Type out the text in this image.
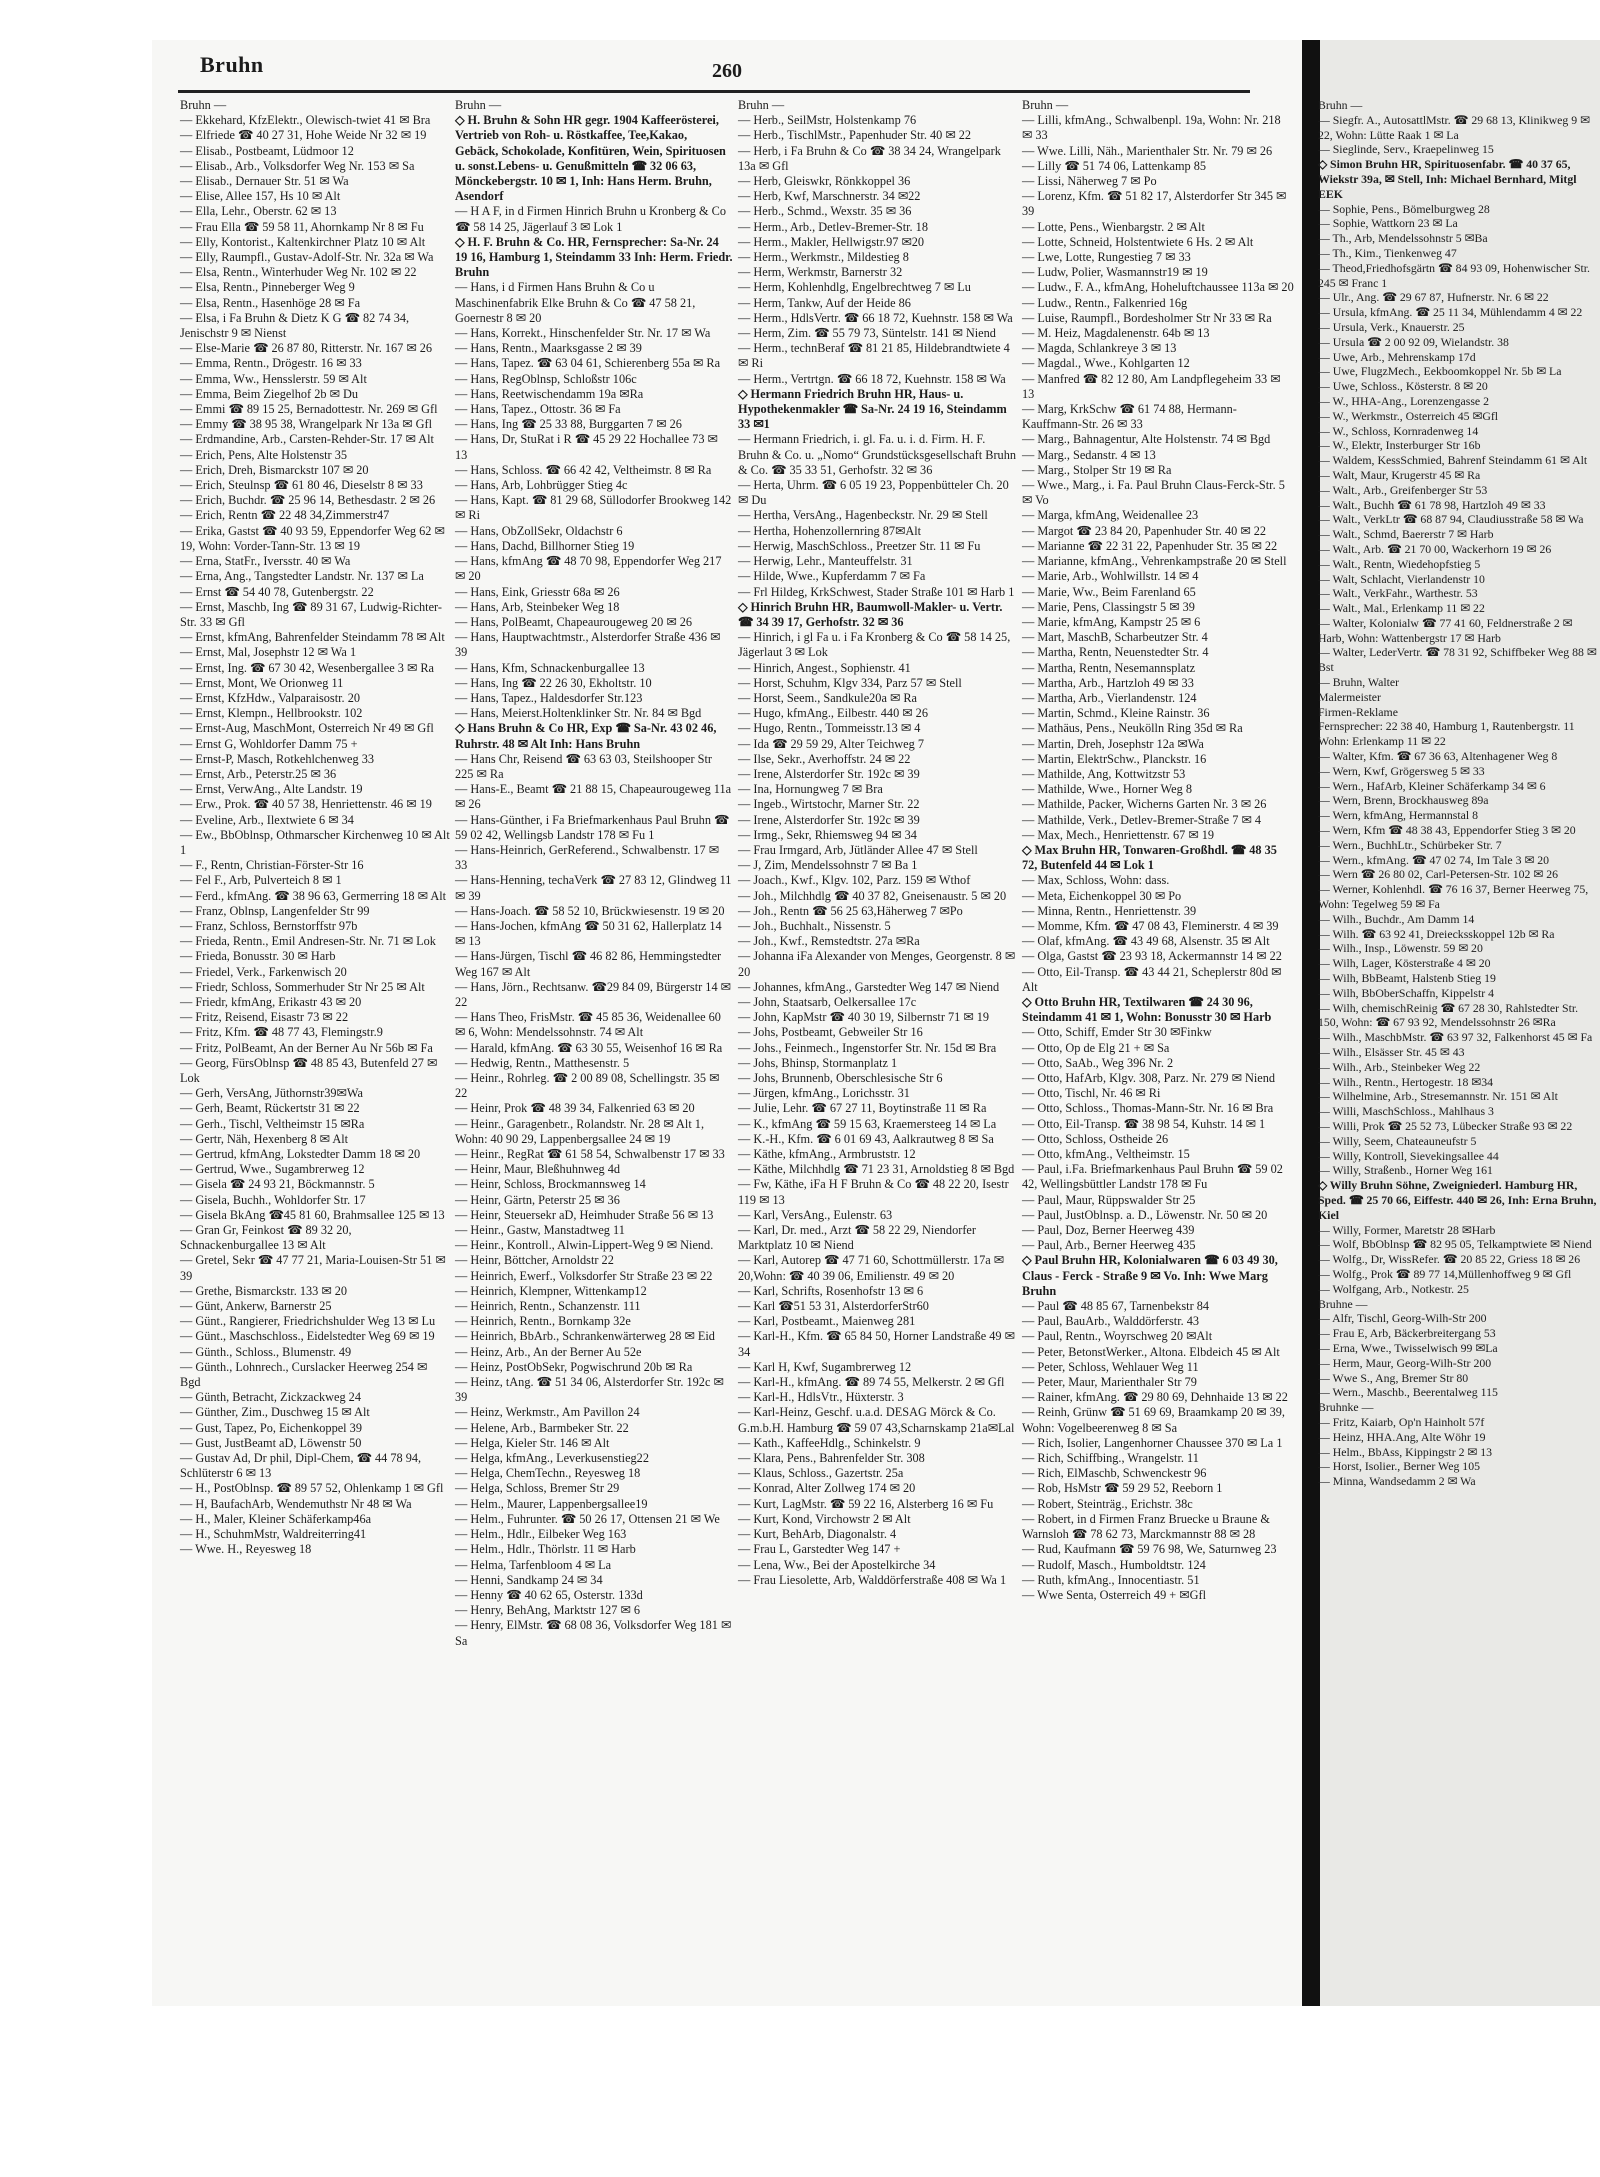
Bruhn	260

Bruhn —

— Ekkehard, KfzElektr., Olewisch-twiet 41 ✉ Bra

— Elfriede ☎ 40 27 31, Hohe Weide Nr 32 ✉ 19

— Elisab., Postbeamt, Lüdmoor 12

— Elisab., Arb., Volksdorfer Weg Nr. 153 ✉ Sa

— Elisab., Dernauer Str. 51 ✉ Wa

— Elise, Allee 157, Hs 10 ✉ Alt

— Ella, Lehr., Oberstr. 62 ✉ 13

— Frau Ella ☎ 59 58 11, Ahornkamp Nr 8 ✉ Fu

— Elly, Kontorist., Kaltenkirchner Platz 10 ✉ Alt

— Elly, Raumpfl., Gustav-Adolf-Str. Nr. 32a ✉ Wa

— Elsa, Rentn., Winterhuder Weg Nr. 102 ✉ 22

— Elsa, Rentn., Pinneberger Weg 9

— Elsa, Rentn., Hasenhöge 28 ✉ Fa

— Elsa, i Fa Bruhn & Dietz K G ☎ 82 74 34, Jenischstr 9 ✉ Nienst

— Else-Marie ☎ 26 87 80, Ritterstr. Nr. 167 ✉ 26

— Emma, Rentn., Drögestr. 16 ✉ 33

— Emma, Ww., Hensslerstr. 59 ✉ Alt

— Emma, Beim Ziegelhof 2b ✉ Du

— Emmi ☎ 89 15 25, Bernadottestr. Nr. 269 ✉ Gfl

— Emmy ☎ 38 95 38, Wrangelpark Nr 13a ✉ Gfl

— Erdmandine, Arb., Carsten-Rehder-Str. 17 ✉ Alt

— Erich, Pens, Alte Holstenstr 35

— Erich, Dreh, Bismarckstr 107 ✉ 20

— Erich, Steulnsp ☎ 61 80 46, Dieselstr 8 ✉ 33

— Erich, Buchdr. ☎ 25 96 14, Bethesdastr. 2 ✉ 26

— Erich, Rentn ☎ 22 48 34,Zimmerstr47

— Erika, Gastst ☎ 40 93 59, Eppendorfer Weg 62 ✉ 19, Wohn: Vorder-Tann-Str. 13 ✉ 19

— Erna, StatFr., Iversstr. 40 ✉ Wa

— Erna, Ang., Tangstedter Landstr. Nr. 137 ✉ La

— Ernst ☎ 54 40 78, Gutenbergstr. 22

— Ernst, Maschb, Ing ☎ 89 31 67, Ludwig-Richter-Str. 33 ✉ Gfl

— Ernst, kfmAng, Bahrenfelder Steindamm 78 ✉ Alt

— Ernst, Mal, Josephstr 12 ✉ Wa 1

— Ernst, Ing. ☎ 67 30 42, Wesenbergallee 3 ✉ Ra

— Ernst, Mont, We Orionweg 11

— Ernst, KfzHdw., Valparaisostr. 20

— Ernst, Klempn., Hellbrookstr. 102

— Ernst-Aug, MaschMont, Osterreich Nr 49 ✉ Gfl

— Ernst G, Wohldorfer Damm 75 +

— Ernst-P, Masch, Rotkehlchenweg 33

— Ernst, Arb., Peterstr.25 ✉ 36

— Ernst, VerwAng., Alte Landstr. 19

— Erw., Prok. ☎ 40 57 38, Henriettenstr. 46 ✉ 19

— Eveline, Arb., Ilextwiete 6 ✉ 34

— Ew., BbOblnsp, Othmarscher Kirchenweg 10 ✉ Alt 1

— F., Rentn, Christian-Förster-Str 16

— Fel F., Arb, Pulverteich 8 ✉ 1

— Ferd., kfmAng. ☎ 38 96 63, Germerring 18 ✉ Alt

— Franz, Oblnsp, Langenfelder Str 99

— Franz, Schloss, Bernstorffstr 97b

— Frieda, Rentn., Emil Andresen-Str. Nr. 71 ✉ Lok

— Frieda, Bonusstr. 30 ✉ Harb

— Friedel, Verk., Farkenwisch 20

— Friedr, Schloss, Sommerhuder Str Nr 25 ✉ Alt

— Friedr, kfmAng, Erikastr 43 ✉ 20

— Fritz, Reisend, Eisastr 73 ✉ 22

— Fritz, Kfm. ☎ 48 77 43, Flemingstr.9

— Fritz, PolBeamt, An der Berner Au Nr 56b ✉ Fa

— Georg, FürsOblnsp ☎ 48 85 43, Butenfeld 27 ✉ Lok

— Gerh, VersAng, Jüthornstr39✉Wa

— Gerh, Beamt, Rückertstr 31 ✉ 22

— Gerh., Tischl, Veltheimstr 15 ✉Ra

— Gertr, Näh, Hexenberg 8 ✉ Alt

— Gertrud, kfmAng, Lokstedter Damm 18 ✉ 20

— Gertrud, Wwe., Sugambrerweg 12

— Gisela ☎ 24 93 21, Böckmannstr. 5

— Gisela, Buchh., Wohldorfer Str. 17

— Gisela BkAng ☎45 81 60, Brahmsallee 125 ✉ 13

— Gran Gr, Feinkost ☎ 89 32 20, Schnackenburgallee 13 ✉ Alt

— Gretel, Sekr ☎ 47 77 21, Maria-Louisen-Str 51 ✉ 39

— Grethe, Bismarckstr. 133 ✉ 20

— Günt, Ankerw, Barnerstr 25

— Günt., Rangierer, Friedrichshulder Weg 13 ✉ Lu

— Günt., Maschschloss., Eidelstedter Weg 69 ✉ 19

— Günth., Schloss., Blumenstr. 49

— Günth., Lohnrech., Curslacker Heerweg 254 ✉ Bgd

— Günth, Betracht, Zickzackweg 24

— Günther, Zim., Duschweg 15 ✉ Alt

— Gust, Tapez, Po, Eichenkoppel 39

— Gust, JustBeamt aD, Löwenstr 50

— Gustav Ad, Dr phil, Dipl-Chem, ☎ 44 78 94, Schlüterstr 6 ✉ 13

— H., PostOblnsp. ☎ 89 57 52, Ohlenkamp 1 ✉ Gfl

— H, BaufachArb, Wendemuthstr Nr 48 ✉ Wa

— H., Maler, Kleiner Schäferkamp46a

— H., SchuhmMstr, Waldreiterring41

— Wwe. H., Reyesweg 18

Bruhn —

◇ H. Bruhn & Sohn HR gegr. 1904 Kaffeerösterei, Vertrieb von Roh- u. Röstkaffee, Tee,Kakao, Gebäck, Schokolade, Konfitüren, Wein, Spirituosen u. sonst.Lebens- u. Genußmitteln ☎ 32 06 63, Mönckebergstr. 10 ✉ 1, Inh: Hans Herm. Bruhn, Asendorf

— H A F, in d Firmen Hinrich Bruhn u Kronberg & Co ☎ 58 14 25, Jägerlauf 3 ✉ Lok 1

◇ H. F. Bruhn & Co. HR, Fernsprecher: Sa-Nr. 24 19 16, Hamburg 1, Steindamm 33 Inh: Herm. Friedr. Bruhn

— Hans, i d Firmen Hans Bruhn & Co u Maschinenfabrik Elke Bruhn & Co ☎ 47 58 21, Goernestr 8 ✉ 20

— Hans, Korrekt., Hinschenfelder Str. Nr. 17 ✉ Wa

— Hans, Rentn., Maarksgasse 2 ✉ 39

— Hans, Tapez. ☎ 63 04 61, Schierenberg 55a ✉ Ra

— Hans, RegOblnsp, Schloßstr 106c

— Hans, Reetwischendamm 19a ✉Ra

— Hans, Tapez., Ottostr. 36 ✉ Fa

— Hans, Ing ☎ 25 33 88, Burggarten 7 ✉ 26

— Hans, Dr, StuRat i R ☎ 45 29 22 Hochallee 73 ✉ 13

— Hans, Schloss. ☎ 66 42 42, Veltheimstr. 8 ✉ Ra

— Hans, Arb, Lohbrügger Stieg 4c

— Hans, Kapt. ☎ 81 29 68, Süllodorfer Brookweg 142 ✉ Ri

— Hans, ObZollSekr, Oldachstr 6

— Hans, Dachd, Billhorner Stieg 19

— Hans, kfmAng ☎ 48 70 98, Eppendorfer Weg 217 ✉ 20

— Hans, Eink, Griesstr 68a ✉ 26

— Hans, Arb, Steinbeker Weg 18

— Hans, PolBeamt, Chapeaurougeweg 20 ✉ 26

— Hans, Hauptwachtmstr., Alsterdorfer Straße 436 ✉ 39

— Hans, Kfm, Schnackenburgallee 13

— Hans, Ing ☎ 22 26 30, Ekholtstr. 10

— Hans, Tapez., Haldesdorfer Str.123

— Hans, Meierst.Holtenklinker Str. Nr. 84 ✉ Bgd

◇ Hans Bruhn & Co HR, Exp ☎ Sa-Nr. 43 02 46, Ruhrstr. 48 ✉ Alt Inh: Hans Bruhn

— Hans Chr, Reisend ☎ 63 63 03, Steilshooper Str 225 ✉ Ra

— Hans-E., Beamt ☎ 21 88 15, Chapeaurougeweg 11a ✉ 26

— Hans-Günther, i Fa Briefmarkenhaus Paul Bruhn ☎ 59 02 42, Wellingsb Landstr 178 ✉ Fu 1

— Hans-Heinrich, GerReferend., Schwalbenstr. 17 ✉ 33

— Hans-Henning, techaVerk ☎ 27 83 12, Glindweg 11 ✉ 39

— Hans-Joach. ☎ 58 52 10, Brückwiesenstr. 19 ✉ 20

— Hans-Jochen, kfmAng ☎ 50 31 62, Hallerplatz 14 ✉ 13

— Hans-Jürgen, Tischl ☎ 46 82 86, Hemmingstedter Weg 167 ✉ Alt

— Hans, Jörn., Rechtsanw. ☎29 84 09, Bürgerstr 14 ✉ 22

— Hans Theo, FrisMstr. ☎ 45 85 36, Weidenallee 60 ✉ 6, Wohn: Mendelssohnstr. 74 ✉ Alt

— Harald, kfmAng. ☎ 63 30 55, Weisenhof 16 ✉ Ra

— Hedwig, Rentn., Matthesenstr. 5

— Heinr., Rohrleg. ☎ 2 00 89 08, Schellingstr. 35 ✉ 22

— Heinr, Prok ☎ 48 39 34, Falkenried 63 ✉ 20

— Heinr., Garagenbetr., Rolandstr. Nr. 28 ✉ Alt 1, Wohn: 40 90 29, Lappenbergsallee 24 ✉ 19

— Heinr., RegRat ☎ 61 58 54, Schwalbenstr 17 ✉ 33

— Heinr, Maur, Bleßhuhnweg 4d

— Heinr, Schloss, Brockmannsweg 14

— Heinr, Gärtn, Peterstr 25 ✉ 36

— Heinr, Steuersekr aD, Heimhuder Straße 56 ✉ 13

— Heinr., Gastw, Manstadtweg 11

— Heinr., Kontroll., Alwin-Lippert-Weg 9 ✉ Niend.

— Heinr, Böttcher, Arnoldstr 22

— Heinrich, Ewerf., Volksdorfer Str Straße 23 ✉ 22

— Heinrich, Klempner, Wittenkamp12

— Heinrich, Rentn., Schanzenstr. 111

— Heinrich, Rentn., Bornkamp 32e

— Heinrich, BbArb., Schrankenwärterweg 28 ✉ Eid

— Heinz, Arb., An der Berner Au 52e

— Heinz, PostObSekr, Pogwischrund 20b ✉ Ra

— Heinz, tAng. ☎ 51 34 06, Alsterdorfer Str. 192c ✉ 39

— Heinz, Werkmstr., Am Pavillon 24

— Helene, Arb., Barmbeker Str. 22

— Helga, Kieler Str. 146 ✉ Alt

— Helga, kfmAng., Leverkusenstieg22

— Helga, ChemTechn., Reyesweg 18

— Helga, Schloss, Bremer Str 29

— Helm., Maurer, Lappenbergsallee19

— Helm., Fuhrunter. ☎ 50 26 17, Ottensen 21 ✉ We

— Helm., Hdlr., Eilbeker Weg 163

— Helm., Hdlr., Thörlstr. 11 ✉ Harb

— Helma, Tarfenbloom 4 ✉ La

— Henni, Sandkamp 24 ✉ 34

— Henny ☎ 40 62 65, Osterstr. 133d

— Henry, BehAng, Marktstr 127 ✉ 6

— Henry, ElMstr. ☎ 68 08 36, Volksdorfer Weg 181 ✉ Sa

Bruhn —

— Herb., SeilMstr, Holstenkamp 76

— Herb., TischlMstr., Papenhuder Str. 40 ✉ 22

— Herb, i Fa Bruhn & Co ☎ 38 34 24, Wrangelpark 13a ✉ Gfl

— Herb, Gleiswkr, Rönkkoppel 36

— Herb, Kwf, Marschnerstr. 34 ✉22

— Herb., Schmd., Wexstr. 35 ✉ 36

— Herm., Arb., Detlev-Bremer-Str. 18

— Herm., Makler, Hellwigstr.97 ✉20

— Herm., Werkmstr., Mildestieg 8

— Herm, Werkmstr, Barnerstr 32

— Herm, Kohlenhdlg, Engelbrechtweg 7 ✉ Lu

— Herm, Tankw, Auf der Heide 86

— Herm., HdlsVertr. ☎ 66 18 72, Kuehnstr. 158 ✉ Wa

— Herm, Zim. ☎ 55 79 73, Süntelstr. 141 ✉ Niend

— Herm., technBeraf ☎ 81 21 85, Hildebrandtwiete 4 ✉ Ri

— Herm., Vertrtgn. ☎ 66 18 72, Kuehnstr. 158 ✉ Wa

◇ Hermann Friedrich Bruhn HR, Haus- u. Hypothekenmakler ☎ Sa-Nr. 24 19 16, Steindamm 33 ✉1

— Hermann Friedrich, i. gl. Fa. u. i. d. Firm. H. F. Bruhn & Co. u. „Nomo“ Grundstücksgesellschaft Bruhn & Co. ☎ 35 33 51, Gerhofstr. 32 ✉ 36

— Herta, Uhrm. ☎ 6 05 19 23, Poppenbütteler Ch. 20 ✉ Du

— Hertha, VersAng., Hagenbeckstr. Nr. 29 ✉ Stell

— Hertha, Hohenzollernring 87✉Alt

— Herwig, MaschSchloss., Preetzer Str. 11 ✉ Fu

— Herwig, Lehr., Manteuffelstr. 31

— Hilde, Wwe., Kupferdamm 7 ✉ Fa

— Frl Hildeg, KrkSchwest, Stader Straße 101 ✉ Harb 1

◇ Hinrich Bruhn HR, Baumwoll-Makler- u. Vertr. ☎ 34 39 17, Gerhofstr. 32 ✉ 36

— Hinrich, i gl Fa u. i Fa Kronberg & Co ☎ 58 14 25, Jägerlaut 3 ✉ Lok

— Hinrich, Angest., Sophienstr. 41

— Horst, Schuhm, Klgv 334, Parz 57 ✉ Stell

— Horst, Seem., Sandkule20a ✉ Ra

— Hugo, kfmAng., Eilbestr. 440 ✉ 26

— Hugo, Rentn., Tommeisstr.13 ✉ 4

— Ida ☎ 29 59 29, Alter Teichweg 7

— Ilse, Sekr., Averhoffstr. 24 ✉ 22

— Irene, Alsterdorfer Str. 192c ✉ 39

— Ina, Hornungweg 7 ✉ Bra

— Ingeb., Wirtstochr, Marner Str. 22

— Irene, Alsterdorfer Str. 192c ✉ 39

— Irmg., Sekr, Rhiemsweg 94 ✉ 34

— Frau Irmgard, Arb, Jütländer Allee 47 ✉ Stell

— J, Zim, Mendelssohnstr 7 ✉ Ba 1

— Joach., Kwf., Klgv. 102, Parz. 159 ✉ Wthof

— Joh., Milchhdlg ☎ 40 37 82, Gneisenaustr. 5 ✉ 20

— Joh., Rentn ☎ 56 25 63,Häherweg 7 ✉Po

— Joh., Buchhalt., Nissenstr. 5

— Joh., Kwf., Remstedtstr. 27a ✉Ra

— Johanna iFa Alexander von Menges, Georgenstr. 8 ✉ 20

— Johannes, kfmAng., Garstedter Weg 147 ✉ Niend

— John, Staatsarb, Oelkersallee 17c

— John, KapMstr ☎ 40 30 19, Silbernstr 71 ✉ 19

— Johs, Postbeamt, Gebweiler Str 16

— Johs., Feinmech., Ingenstorfer Str. Nr. 15d ✉ Bra

— Johs, Bhinsp, Stormanplatz 1

— Johs, Brunnenb, Oberschlesische Str 6

— Jürgen, kfmAng., Lorichsstr. 31

— Julie, Lehr. ☎ 67 27 11, Boytinstraße 11 ✉ Ra

— K., kfmAng ☎ 59 15 63, Kraemersteeg 14 ✉ La

— K.-H., Kfm. ☎ 6 01 69 43, Aalkrautweg 8 ✉ Sa

— Käthe, kfmAng., Armbruststr. 12

— Käthe, Milchhdlg ☎ 71 23 31, Arnoldstieg 8 ✉ Bgd

— Fw, Käthe, iFa H F Bruhn & Co ☎ 48 22 20, Isestr 119 ✉ 13

— Karl, VersAng., Eulenstr. 63

— Karl, Dr. med., Arzt ☎ 58 22 29, Niendorfer Marktplatz 10 ✉ Niend

— Karl, Autorep ☎ 47 71 60, Schottmüllerstr. 17a ✉ 20,Wohn: ☎ 40 39 06, Emilienstr. 49 ✉ 20

— Karl, Schrifts, Rosenhofstr 13 ✉ 6

— Karl ☎51 53 31, AlsterdorferStr60

— Karl, Postbeamt., Maienweg 281

— Karl-H., Kfm. ☎ 65 84 50, Horner Landstraße 49 ✉ 34

— Karl H, Kwf, Sugambrerweg 12

— Karl-H., kfmAng. ☎ 89 74 55, Melkerstr. 2 ✉ Gfl

— Karl-H., HdlsVtr., Hüxterstr. 3

— Karl-Heinz, Geschf. u.a.d. DESAG Mörck & Co. G.m.b.H. Hamburg ☎ 59 07 43,Scharnskamp 21a✉Lal

— Kath., KaffeeHdlg., Schinkelstr. 9

— Klara, Pens., Bahrenfelder Str. 308

— Klaus, Schloss., Gazertstr. 25a

— Konrad, Alter Zollweg 174 ✉ 20

— Kurt, LagMstr. ☎ 59 22 16, Alsterberg 16 ✉ Fu

— Kurt, Kond, Virchowstr 2 ✉ Alt

— Kurt, BehArb, Diagonalstr. 4

— Frau L, Garstedter Weg 147 +

— Lena, Ww., Bei der Apostelkirche 34

— Frau Liesolette, Arb, Walddörferstraße 408 ✉ Wa 1

Bruhn —

— Lilli, kfmAng., Schwalbenpl. 19a, Wohn: Nr. 218 ✉ 33

— Wwe. Lilli, Näh., Marienthaler Str. Nr. 79 ✉ 26

— Lilly ☎ 51 74 06, Lattenkamp 85

— Lissi, Näherweg 7 ✉ Po

— Lorenz, Kfm. ☎ 51 82 17, Alsterdorfer Str 345 ✉ 39

— Lotte, Pens., Wienbargstr. 2 ✉ Alt

— Lotte, Schneid, Holstentwiete 6 Hs. 2 ✉ Alt

— Lwe, Lotte, Rungestieg 7 ✉ 33

— Ludw, Polier, Wasmannstr19 ✉ 19

— Ludw., F. A., kfmAng, Hoheluftchaussee 113a ✉ 20

— Ludw., Rentn., Falkenried 16g

— Luise, Raumpfl., Bordesholmer Str Nr 33 ✉ Ra

— M. Heiz, Magdalenenstr. 64b ✉ 13

— Magda, Schlankreye 3 ✉ 13

— Magdal., Wwe., Kohlgarten 12

— Manfred ☎ 82 12 80, Am Landpflegeheim 33 ✉ 13

— Marg, KrkSchw ☎ 61 74 88, Hermann-Kauffmann-Str. 26 ✉ 33

— Marg., Bahnagentur, Alte Holstenstr. 74 ✉ Bgd

— Marg., Sedanstr. 4 ✉ 13

— Marg., Stolper Str 19 ✉ Ra

— Wwe., Marg., i. Fa. Paul Bruhn Claus-Ferck-Str. 5 ✉ Vo

— Marga, kfmAng, Weidenallee 23

— Margot ☎ 23 84 20, Papenhuder Str. 40 ✉ 22

— Marianne ☎ 22 31 22, Papenhuder Str. 35 ✉ 22

— Marianne, kfmAng., Vehrenkampstraße 20 ✉ Stell

— Marie, Arb., Wohlwillstr. 14 ✉ 4

— Marie, Ww., Beim Farenland 65

— Marie, Pens, Classingstr 5 ✉ 39

— Marie, kfmAng, Kampstr 25 ✉ 6

— Mart, MaschB, Scharbeutzer Str. 4

— Martha, Rentn, Neuenstedter Str. 4

— Martha, Rentn, Nesemannsplatz

— Martha, Arb., Hartzloh 49 ✉ 33

— Martha, Arb., Vierlandenstr. 124

— Martin, Schmd., Kleine Rainstr. 36

— Mathäus, Pens., Neukölln Ring 35d ✉ Ra

— Martin, Dreh, Josephstr 12a ✉Wa

— Martin, ElektrSchw., Planckstr. 16

— Mathilde, Ang, Kottwitzstr 53

— Mathilde, Wwe., Horner Weg 8

— Mathilde, Packer, Wicherns Garten Nr. 3 ✉ 26

— Mathilde, Verk., Detlev-Bremer-Straße 7 ✉ 4

— Max, Mech., Henriettenstr. 67 ✉ 19

◇ Max Bruhn HR, Tonwaren-Großhdl. ☎ 48 35 72, Butenfeld 44 ✉ Lok 1

— Max, Schloss, Wohn: dass.

— Meta, Eichenkoppel 30 ✉ Po

— Minna, Rentn., Henriettenstr. 39

— Momme, Kfm. ☎ 47 08 43, Fleminerstr. 4 ✉ 39

— Olaf, kfmAng. ☎ 43 49 68, Alsenstr. 35 ✉ Alt

— Olga, Gastst ☎ 23 93 18, Ackermannstr 14 ✉ 22

— Otto, Eil-Transp. ☎ 43 44 21, Scheplerstr 80d ✉ Alt

◇ Otto Bruhn HR, Textilwaren ☎ 24 30 96, Steindamm 41 ✉ 1, Wohn: Bonusstr 30 ✉ Harb

— Otto, Schiff, Emder Str 30 ✉Finkw

— Otto, Op de Elg 21 + ✉ Sa

— Otto, SaAb., Weg 396 Nr. 2

— Otto, HafArb, Klgv. 308, Parz. Nr. 279 ✉ Niend

— Otto, Tischl, Nr. 46 ✉ Ri

— Otto, Schloss., Thomas-Mann-Str. Nr. 16 ✉ Bra

— Otto, Eil-Transp. ☎ 38 98 54, Kuhstr. 14 ✉ 1

— Otto, Schloss, Ostheide 26

— Otto, kfmAng., Veltheimstr. 15

— Paul, i.Fa. Briefmarkenhaus Paul Bruhn ☎ 59 02 42, Wellingsbüttler Landstr 178 ✉ Fu

— Paul, Maur, Rüppswalder Str 25

— Paul, JustOblnsp. a. D., Löwenstr. Nr. 50 ✉ 20

— Paul, Doz, Berner Heerweg 439

— Paul, Arb., Berner Heerweg 435

◇ Paul Bruhn HR, Kolonialwaren ☎ 6 03 49 30, Claus - Ferck - Straße 9 ✉ Vo. Inh: Wwe Marg Bruhn

— Paul ☎ 48 85 67, Tarnenbekstr 84

— Paul, BauArb., Walddörferstr. 43

— Paul, Rentn., Woyrschweg 20 ✉Alt

— Peter, BetonstWerker., Altona. Elbdeich 45 ✉ Alt

— Peter, Schloss, Wehlauer Weg 11

— Peter, Maur, Marienthaler Str 79

— Rainer, kfmAng. ☎ 29 80 69, Dehnhaide 13 ✉ 22

— Reinh, Grünw ☎ 51 69 69, Braamkamp 20 ✉ 39, Wohn: Vogelbeerenweg 8 ✉ Sa

— Rich, Isolier, Langenhorner Chaussee 370 ✉ La 1

— Rich, Schiffbing., Wrangelstr. 11

— Rich, ElMaschb, Schwenckestr 96

— Rob, HsMstr ☎ 59 29 52, Reeborn 1

— Robert, Steinträg., Erichstr. 38c

— Robert, in d Firmen Franz Bruecke u Braune & Warnsloh ☎ 78 62 73, Marckmannstr 88 ✉ 28

— Rud, Kaufmann ☎ 59 76 98, We, Saturnweg 23

— Rudolf, Masch., Humboldtstr. 124

— Ruth, kfmAng., Innocentiastr. 51

— Wwe Senta, Osterreich 49 + ✉Gfl

Bruhn —

— Siegfr. A., AutosattlMstr. ☎ 29 68 13, Klinikweg 9 ✉ 22, Wohn: Lütte Raak 1 ✉ La

— Sieglinde, Serv., Kraepelinweg 15

◇ Simon Bruhn HR, Spirituosenfabr. ☎ 40 37 65, Wiekstr 39a, ✉ Stell, Inh: Michael Bernhard, Mitgl EEK

— Sophie, Pens., Bömelburgweg 28

— Sophie, Wattkorn 23 ✉ La

— Th., Arb, Mendelssohnstr 5 ✉Ba

— Th., Kim., Tienkenweg 47

— Theod,Friedhofsgärtn ☎ 84 93 09, Hohenwischer Str. 245 ✉ Franc 1

— Ulr., Ang. ☎ 29 67 87, Hufnerstr. Nr. 6 ✉ 22

— Ursula, kfmAng. ☎ 25 11 34, Mühlendamm 4 ✉ 22

— Ursula, Verk., Knauerstr. 25

— Ursula ☎ 2 00 92 09, Wielandstr. 38

— Uwe, Arb., Mehrenskamp 17d

— Uwe, FlugzMech., Eekboomkoppel Nr. 5b ✉ La

— Uwe, Schloss., Kösterstr. 8 ✉ 20

— W., HHA-Ang., Lorenzengasse 2

— W., Werkmstr., Osterreich 45 ✉Gfl

— W., Schloss, Kornradenweg 14

— W., Elektr, Insterburger Str 16b

— Waldem, KessSchmied, Bahrenf Steindamm 61 ✉ Alt

— Walt, Maur, Krugerstr 45 ✉ Ra

— Walt., Arb., Greifenberger Str 53

— Walt., Buchh ☎ 61 78 98, Hartzloh 49 ✉ 33

— Walt., VerkLtr ☎ 68 87 94, Claudiusstraße 58 ✉ Wa

— Walt., Schmd, Baererstr 7 ✉ Harb

— Walt., Arb. ☎ 21 70 00, Wackerhorn 19 ✉ 26

— Walt., Rentn, Wiedehopfstieg 5

— Walt, Schlacht, Vierlandenstr 10

— Walt., VerkFahr., Warthestr. 53

— Walt., Mal., Erlenkamp 11 ✉ 22

— Walter, Kolonialw ☎ 77 41 60, Feldnerstraße 2 ✉ Harb, Wohn: Wattenbergstr 17 ✉ Harb

— Walter, LederVertr. ☎ 78 31 92, Schiffbeker Weg 88 ✉ Bst

— Bruhn, Walter

Malermeister

Firmen-Reklame

Fernsprecher: 22 38 40, Hamburg 1, Rautenbergstr. 11

Wohn: Erlenkamp 11 ✉ 22

— Walter, Kfm. ☎ 67 36 63, Altenhagener Weg 8

— Wern, Kwf, Grögersweg 5 ✉ 33

— Wern., HafArb, Kleiner Schäferkamp 34 ✉ 6

— Wern, Brenn, Brockhausweg 89a

— Wern, kfmAng, Hermannstal 8

— Wern, Kfm ☎ 48 38 43, Eppendorfer Stieg 3 ✉ 20

— Wern., BuchhLtr., Schürbeker Str. 7

— Wern., kfmAng. ☎ 47 02 74, Im Tale 3 ✉ 20

— Wern ☎ 26 80 02, Carl-Petersen-Str. 102 ✉ 26

— Werner, Kohlenhdl. ☎ 76 16 37, Berner Heerweg 75, Wohn: Tegelweg 59 ✉ Fa

— Wilh., Buchdr., Am Damm 14

— Wilh. ☎ 63 92 41, Dreiecksskoppel 12b ✉ Ra

— Wilh., Insp., Löwenstr. 59 ✉ 20

— Wilh, Lager, Kösterstraße 4 ✉ 20

— Wilh, BbBeamt, Halstenb Stieg 19

— Wilh, BbOberSchaffn, Kippelstr 4

— Wilh, chemischReinig ☎ 67 28 30, Rahlstedter Str. 150, Wohn: ☎ 67 93 92, Mendelssohnstr 26 ✉Ra

— Wilh., MaschbMstr. ☎ 63 97 32, Falkenhorst 45 ✉ Fa

— Wilh., Elsässer Str. 45 ✉ 43

— Wilh., Arb., Steinbeker Weg 22

— Wilh., Rentn., Hertogestr. 18 ✉34

— Wilhelmine, Arb., Stresemannstr. Nr. 151 ✉ Alt

— Willi, MaschSchloss., Mahlhaus 3

— Willi, Prok ☎ 25 52 73, Lübecker Straße 93 ✉ 22

— Willy, Seem, Chateauneufstr 5

— Willy, Kontroll, Sievekingsallee 44

— Willy, Straßenb., Horner Weg 161

◇ Willy Bruhn Söhne, Zweigniederl. Hamburg HR, Sped. ☎ 25 70 66, Eiffestr. 440 ✉ 26, Inh: Erna Bruhn, Kiel

— Willy, Former, Maretstr 28 ✉Harb

— Wolf, BbOblnsp ☎ 82 95 05, Telkamptwiete ✉ Niend

— Wolfg., Dr, WissRefer. ☎ 20 85 22, Griess 18 ✉ 26

— Wolfg., Prok ☎ 89 77 14,Müllenhoffweg 9 ✉ Gfl

— Wolfgang, Arb., Notkestr. 25

Bruhne —

— Alfr, Tischl, Georg-Wilh-Str 200

— Frau E, Arb, Bäckerbreitergang 53

— Erna, Wwe., Twisselwisch 99 ✉La

— Herm, Maur, Georg-Wilh-Str 200

— Wwe S., Ang, Bremer Str 80

— Wern., Maschb., Beerentalweg 115

Bruhnke —

— Fritz, Kaiarb, Op'n Hainholt 57f

— Heinz, HHA.Ang, Alte Wöhr 19

— Helm., BbAss, Kippingstr 2 ✉ 13

— Horst, Isolier., Berner Weg 105

— Minna, Wandsedamm 2 ✉ Wa
